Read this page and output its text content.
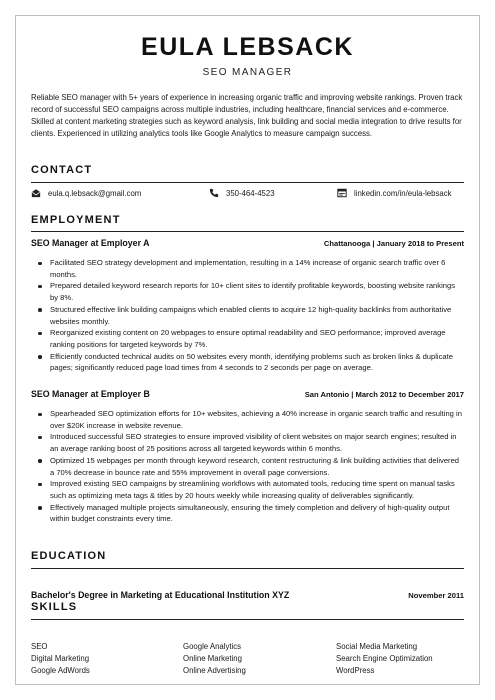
EULA LEBSACK
SEO MANAGER

Reliable SEO manager with 5+ years of experience in increasing organic traffic and improving website rankings. Proven track record of successful SEO campaigns across multiple industries, including healthcare, financial services and e-commerce. Skilled at content marketing strategies such as keyword analysis, link building and social media integration to drive results for clients. Experienced in utilizing analytics tools like Google Analytics to measure campaign success.

CONTACT
eula.q.lebsack@gmail.com	350-464-4523	linkedin.com/in/eula-lebsack
EMPLOYMENT
SEO Manager at Employer A	Chattanooga | January 2018 to Present
Facilitated SEO strategy development and implementation, resulting in a 14% increase of organic search traffic over 6 months.
Prepared detailed keyword research reports for 10+ client sites to identify profitable keywords, boosting website rankings by 8%.
Structured effective link building campaigns which enabled clients to acquire 12 high-quality backlinks from authoritative websites monthly.
Reorganized existing content on 20 webpages to ensure optimal readability and SEO performance; improved average ranking positions for targeted keywords by 7%.
Efficiently conducted technical audits on 50 websites every month, identifying problems such as broken links & duplicate pages; significantly reduced page load times from 4 seconds to 2 seconds per page on average.
SEO Manager at Employer B	San Antonio | March 2012 to December 2017
Spearheaded SEO optimization efforts for 10+ websites, achieving a 40% increase in organic search traffic and resulting in over $20K increase in website revenue.
Introduced successful SEO strategies to ensure improved visibility of client websites on major search engines; resulted in an average ranking boost of 25 positions across all targeted keywords within 6 months.
Optimized 15 webpages per month through keyword research, content restructuring & link building activities that delivered a 70% decrease in bounce rate and 55% improvement in overall page conversions.
Improved existing SEO campaigns by streamlining workflows with automated tools, reducing time spent on manual tasks such as optimizing meta tags & titles by 20 hours weekly while increasing quality of deliverables significantly.
Effectively managed multiple projects simultaneously, ensuring the timely completion and delivery of high-quality output within budget constraints every time.
EDUCATION
Bachelor's Degree in Marketing at Educational Institution XYZ	November 2011
SKILLS
SEO	Google Analytics	Social Media Marketing
Digital Marketing	Online Marketing	Search Engine Optimization
Google AdWords	Online Advertising	WordPress
